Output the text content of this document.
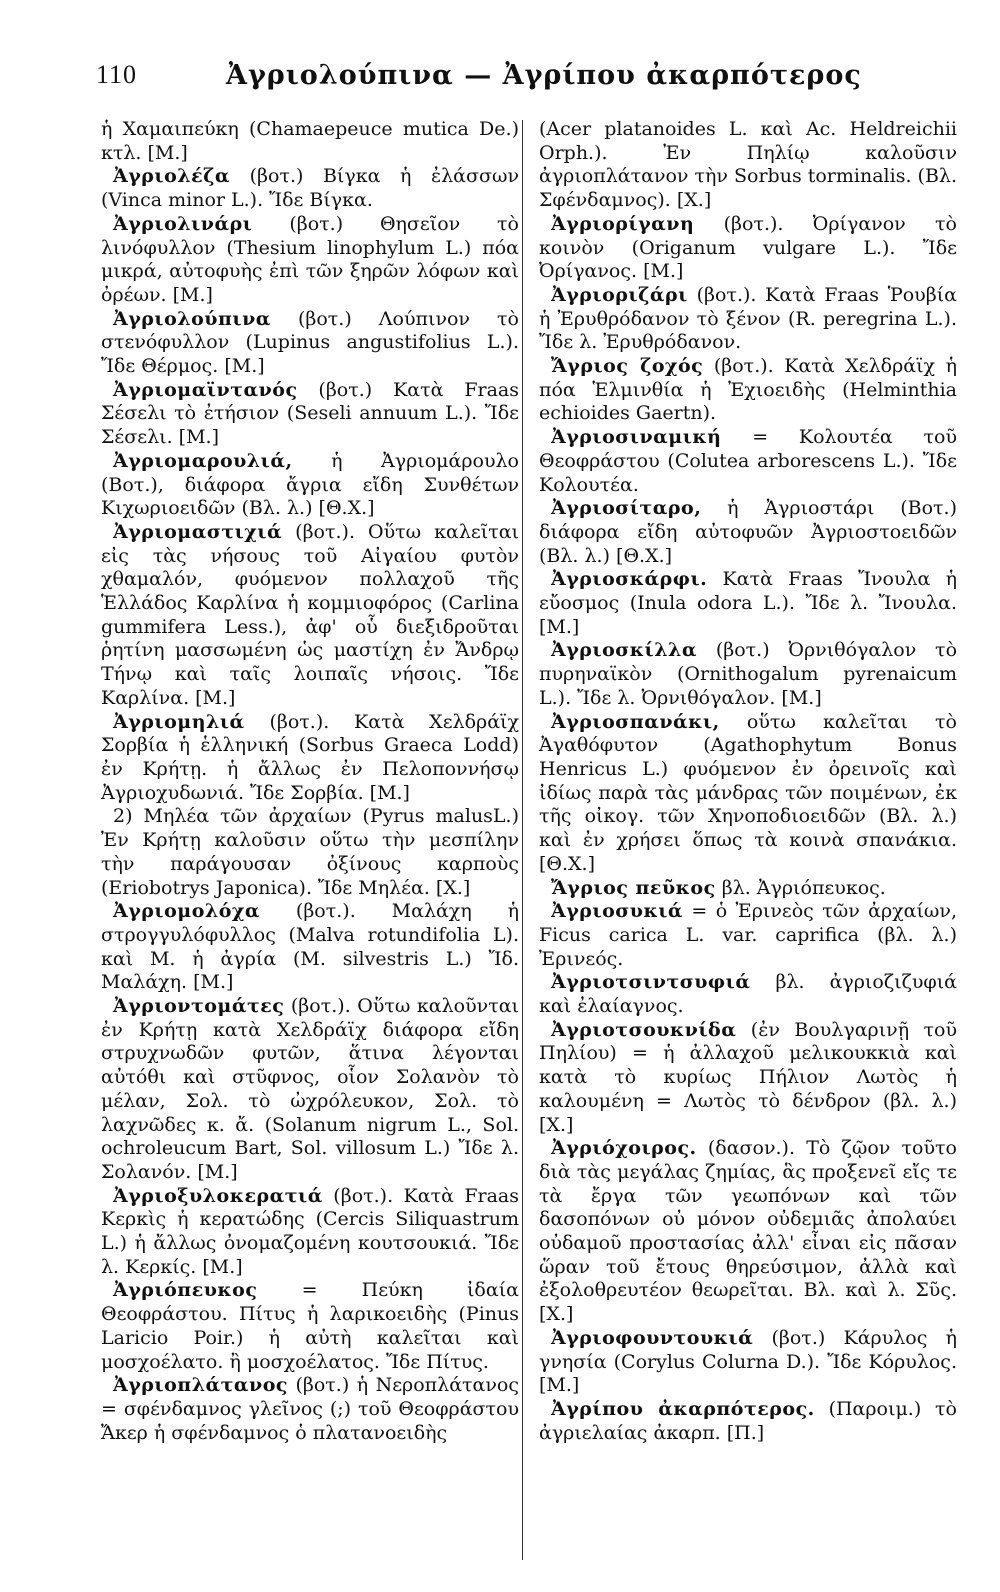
110	Ἀγριολούπινα — Ἀγρίπου ἀκαρπότερος

ἡ Χαμαιπεύκη (Chamaepeuce mutica De.) κτλ. [Μ.]

Ἀγριολέζα (βοτ.) Βίγκα ἡ ἐλάσσων (Vinca minor L.). Ἴδε Βίγκα.

Ἀγριολινάρι (βοτ.) Θησεῖον τὸ λινόφυλλον (Thesium linophylum L.) πόα μικρά, αὐτοφυὴς ἐπὶ τῶν ξηρῶν λόφων καὶ ὀρέων. [Μ.]

Ἀγριολούπινα (βοτ.) Λούπινον τὸ στενόφυλλον (Lupinus angustifolius L.). Ἴδε Θέρμος. [Μ.]

Ἀγριομαϊντανός (βοτ.) Κατὰ Fraas Σέσελι τὸ ἐτήσιον (Seseli annuum L.). Ἴδε Σέσελι. [Μ.]

Ἀγριομαρουλιά, ἡ Ἀγριομάρουλο (Βοτ.), διάφορα ἄγρια εἴδη Συνθέτων Κιχωριοειδῶν (Βλ. λ.) [Θ.Χ.]

Ἀγριομαστιχιά (βοτ.). Οὕτω καλεῖται εἰς τὰς νήσους τοῦ Αἰγαίου φυτὸν χθαμαλόν, φυόμενον πολλαχοῦ τῆς Ἑλλάδος Καρλίνα ἡ κομμιοφόρος (Carlina gummifera Less.), ἀφ' οὗ διεξιδροῦται ῥητίνη μασσωμένη ὡς μαστίχη ἐν Ἄνδρῳ Τήνῳ καὶ ταῖς λοιπαῖς νήσοις. Ἴδε Καρλίνα. [Μ.]

Ἀγριομηλιά (βοτ.). Κατὰ Χελδράϊχ Σορβία ἡ ἑλληνική (Sorbus Graeca Lodd) ἐν Κρήτῃ. ἡ ἄλλως ἐν Πελοποννήσῳ Ἀγριοχυδωνιά. Ἴδε Σορβία. [Μ.]

2) Μηλέα τῶν ἀρχαίων (Pyrus malusL.) Ἐν Κρήτῃ καλοῦσιν οὕτω τὴν μεσπίλην τὴν παράγουσαν ὀξίνους καρποὺς (Eriobotrys Japonica). Ἴδε Μηλέα. [Χ.]

Ἀγριομολόχα (βοτ.). Μαλάχη ἡ στρογγυλόφυλλος (Malva rotundifolia L). καὶ Μ. ἡ ἀγρία (M. silvestris L.) Ἴδ. Μαλάχη. [Μ.]

Ἀγριοντομάτες (βοτ.). Οὕτω καλοῦνται ἐν Κρήτῃ κατὰ Χελδράϊχ διάφορα εἴδη στρυχνωδῶν φυτῶν, ἅτινα λέγονται αὐτόθι καὶ στῦφνος, οἷον Σολανὸν τὸ μέλαν, Σολ. τὸ ὠχρόλευκον, Σολ. τὸ λαχνῶδες κ. ἄ. (Solanum nigrum L., Sol. ochroleucum Bart, Sol. villosum L.) Ἴδε λ. Σολανόν. [Μ.]

Ἀγριοξυλοκερατιά (βοτ.). Κατὰ Fraas Κερκὶς ἡ κερατώδης (Cercis Siliquastrum L.) ἡ ἄλλως ὀνομαζομένη κουτσουκιά. Ἴδε λ. Κερκίς. [Μ.]

Ἀγριόπευκος = Πεύκη ἰδαία Θεοφράστου. Πίτυς ἡ λαρικοειδὴς (Pinus Laricio Poir.) ἡ αὐτὴ καλεῖται καὶ μοσχοέλατο. ἢ μοσχοέλατος. Ἴδε Πίτυς.

Ἀγριοπλάτανος (βοτ.) ἡ Νεροπλάτανος = σφένδαμνος γλεῖνος (;) τοῦ Θεοφράστου Ἄκερ ἡ σφένδαμνος ὁ πλατανοειδὴς

(Acer platanoides L. καὶ Ac. Heldreichii Orph.). Ἐν Πηλίῳ καλοῦσιν ἀγριοπλάτανον τὴν Sorbus torminalis. (Βλ. Σφένδαμνος). [Χ.]

Ἀγριορίγανη (βοτ.). Ὀρίγανον τὸ κοινὸν (Origanum vulgare L.). Ἴδε Ὀρίγανος. [Μ.]

Ἀγριοριζάρι (βοτ.). Κατὰ Fraas Ῥουβία ἡ Ἐρυθρόδανον τὸ ξένον (R. peregrina L.). Ἴδε λ. Ἐρυθρόδανον.

Ἄγριος ζοχός (βοτ.). Κατὰ Χελδράϊχ ἡ πόα Ἑλμινθία ἡ Ἐχιοειδὴς (Helminthia echioides Gaertn).

Ἀγριοσιναμική = Κολουτέα τοῦ Θεοφράστου (Colutea arborescens L.). Ἴδε Κολουτέα.

Ἀγριοσίταρο, ἡ Ἀγριοστάρι (Βοτ.) διάφορα εἴδη αὐτοφυῶν Ἀγριοστοειδῶν (Βλ. λ.) [Θ.Χ.]

Ἀγριοσκάρφι. Κατὰ Fraas Ἴνουλα ἡ εὔοσμος (Inula odora L.). Ἴδε λ. Ἴνουλα. [Μ.]

Ἀγριοσκίλλα (βοτ.) Ὀρνιθόγαλον τὸ πυρηναϊκὸν (Ornithogalum pyrenaicum L.). Ἴδε λ. Ὀρνιθόγαλον. [Μ.]

Ἀγριοσπανάκι, οὕτω καλεῖται τὸ Ἀγαθόφυτον (Agathophytum Bonus Henricus L.) φυόμενον ἐν ὀρεινοῖς καὶ ἰδίως παρὰ τὰς μάνδρας τῶν ποιμένων, ἐκ τῆς οἰκογ. τῶν Χηνοποδιοειδῶν (Βλ. λ.) καὶ ἐν χρήσει ὅπως τὰ κοινὰ σπανάκια. [Θ.Χ.]

Ἄγριος πεῦκος βλ. Ἀγριόπευκος.

Ἀγριοσυκιά = ὁ Ἐρινεὸς τῶν ἀρχαίων, Ficus carica L. var. caprifica (βλ. λ.) Ἐρινεός.

Ἀγριοτσιντσυφιά βλ. ἀγριοζιζυφιά καὶ ἐλαίαγνος.

Ἀγριοτσουκνίδα (ἐν Βουλγαρινῇ τοῦ Πηλίου) = ἡ ἀλλαχοῦ μελικουκκιὰ καὶ κατὰ τὸ κυρίως Πήλιον Λωτὸς ἡ καλουμένη = Λωτὸς τὸ δένδρον (βλ. λ.) [Χ.]

Ἀγριόχοιρος. (δασον.). Τὸ ζῷον τοῦτο διὰ τὰς μεγάλας ζημίας, ἃς προξενεῖ εἴς τε τὰ ἔργα τῶν γεωπόνων καὶ τῶν δασοπόνων οὐ μόνον οὐδεμιᾶς ἀπολαύει οὐδαμοῦ προστασίας ἀλλ' εἶναι εἰς πᾶσαν ὥραν τοῦ ἔτους θηρεύσιμον, ἀλλὰ καὶ ἐξολοθρευτέον θεωρεῖται. Βλ. καὶ λ. Σῦς. [Χ.]

Ἀγριοφουντουκιά (βοτ.) Κάρυλος ἡ γνησία (Corylus Colurna D.). Ἴδε Κόρυλος. [Μ.]

Ἀγρίπου ἀκαρπότερος. (Παροιμ.) τὸ ἀγριελαίας ἀκαρπ. [Π.]
